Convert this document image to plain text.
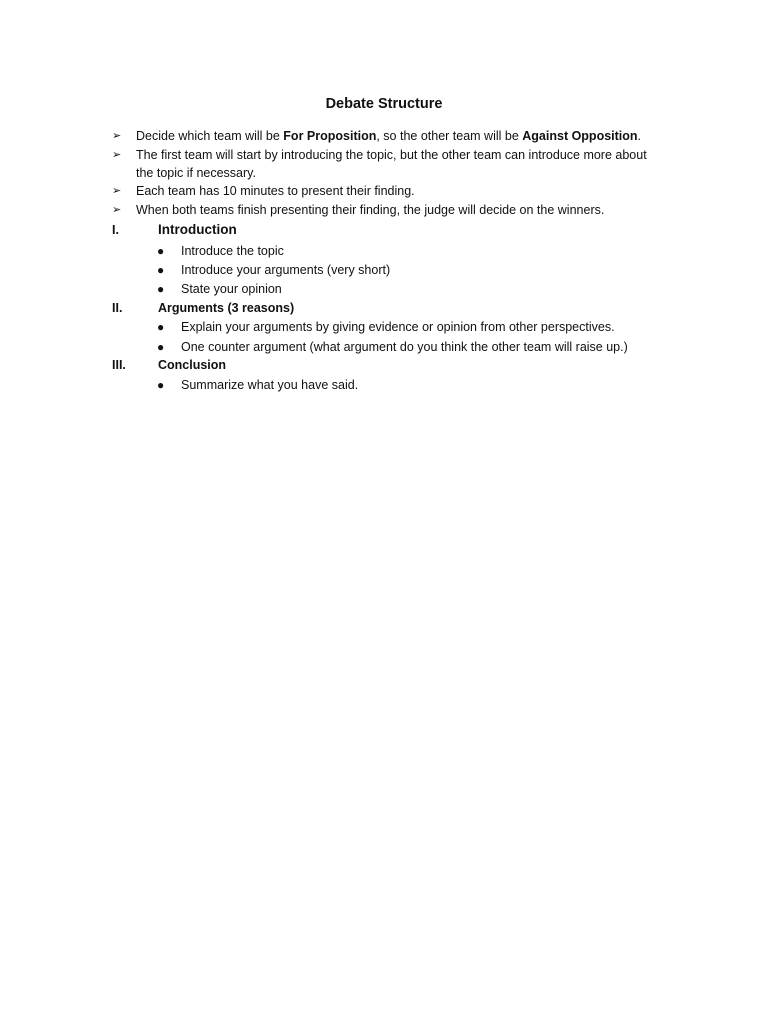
Debate Structure
➢	Decide which team will be For Proposition, so the other team will be Against Opposition.
➢	The first team will start by introducing the topic, but the other team can introduce more about
the topic if necessary.
➢	Each team has 10 minutes to present their finding.
➢	When both teams finish presenting their finding, the judge will decide on the winners.
I.	Introduction
● Introduce the topic
● Introduce your arguments (very short)
● State your opinion
II.	Arguments (3 reasons)
● Explain your arguments by giving evidence or opinion from other perspectives.
● One counter argument (what argument do you think the other team will raise up.)
III.	Conclusion
● Summarize what you have said.
